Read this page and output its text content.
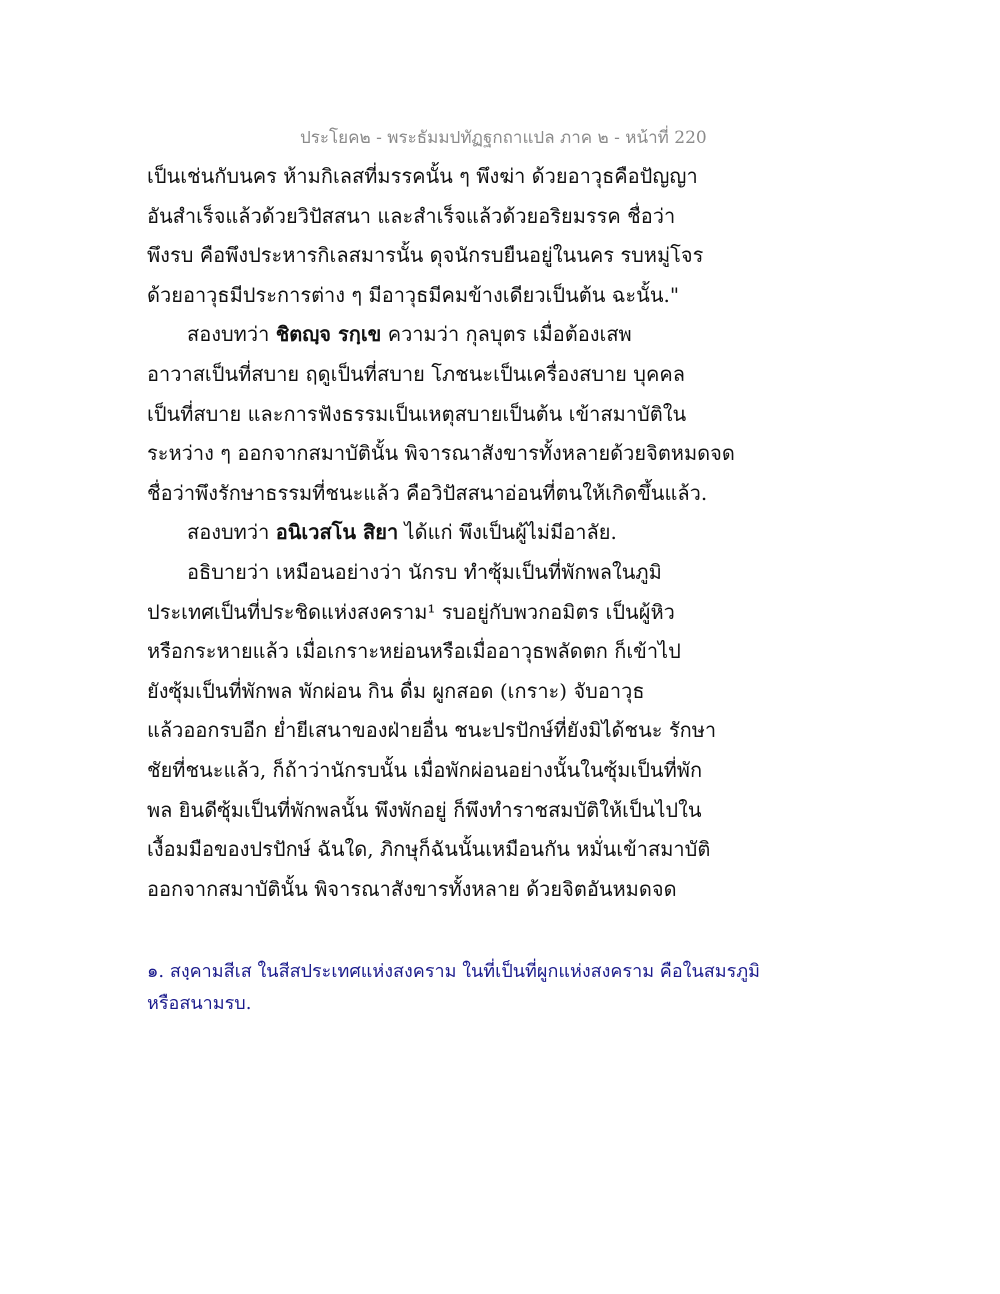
ประโยค๒ - พระธัมมปทัฏฐกถาแปล ภาค ๒ - หน้าที่ 220
เป็นเช่นกับนคร ห้ามกิเลสที่มรรคนั้น ๆ พึงฆ่า ด้วยอาวุธคือปัญญา
อันสำเร็จแล้วด้วยวิปัสสนา และสำเร็จแล้วด้วยอริยมรรค ชื่อว่า
พึงรบ คือพึงประหารกิเลสมารนั้น ดุจนักรบยืนอยู่ในนคร รบหมู่โจร
ด้วยอาวุธมีประการต่าง ๆ มีอาวุธมีคมข้างเดียวเป็นต้น ฉะนั้น."
สองบทว่า ชิตญฺจ รกฺเข ความว่า กุลบุตร เมื่อต้องเสพ
อาวาสเป็นที่สบาย ฤดูเป็นที่สบาย โภชนะเป็นเครื่องสบาย บุคคล
เป็นที่สบาย และการฟังธรรมเป็นเหตุสบายเป็นต้น เข้าสมาบัติใน
ระหว่าง ๆ ออกจากสมาบัตินั้น พิจารณาสังขารทั้งหลายด้วยจิตหมดจด
ชื่อว่าพึงรักษาธรรมที่ชนะแล้ว คือวิปัสสนาอ่อนที่ตนให้เกิดขึ้นแล้ว.
สองบทว่า อนิเวสโน สิยา ได้แก่ พึงเป็นผู้ไม่มีอาลัย.
อธิบายว่า เหมือนอย่างว่า นักรบ ทำซุ้มเป็นที่พักพลในภูมิ
ประเทศเป็นที่ประชิดแห่งสงคราม¹ รบอยู่กับพวกอมิตร เป็นผู้หิว
หรือกระหายแล้ว เมื่อเกราะหย่อนหรือเมื่ออาวุธพลัดตก ก็เข้าไป
ยังซุ้มเป็นที่พักพล พักผ่อน กิน ดื่ม ผูกสอด (เกราะ) จับอาวุธ
แล้วออกรบอีก ย่ำยีเสนาของฝ่ายอื่น ชนะปรปักษ์ที่ยังมิได้ชนะ รักษา
ชัยที่ชนะแล้ว, ก็ถ้าว่านักรบนั้น เมื่อพักผ่อนอย่างนั้นในซุ้มเป็นที่พัก
พล ยินดีซุ้มเป็นที่พักพลนั้น พึงพักอยู่ ก็พึงทำราชสมบัติให้เป็นไปใน
เงื้อมมือของปรปักษ์ ฉันใด, ภิกษุก็ฉันนั้นเหมือนกัน หมั่นเข้าสมาบัติ
ออกจากสมาบัตินั้น พิจารณาสังขารทั้งหลาย ด้วยจิตอันหมดจด
๑. สงฺคามสีเส ในสีสประเทศแห่งสงคราม ในที่เป็นที่ผูกแห่งสงคราม คือในสมรภูมิ
หรือสนามรบ.
